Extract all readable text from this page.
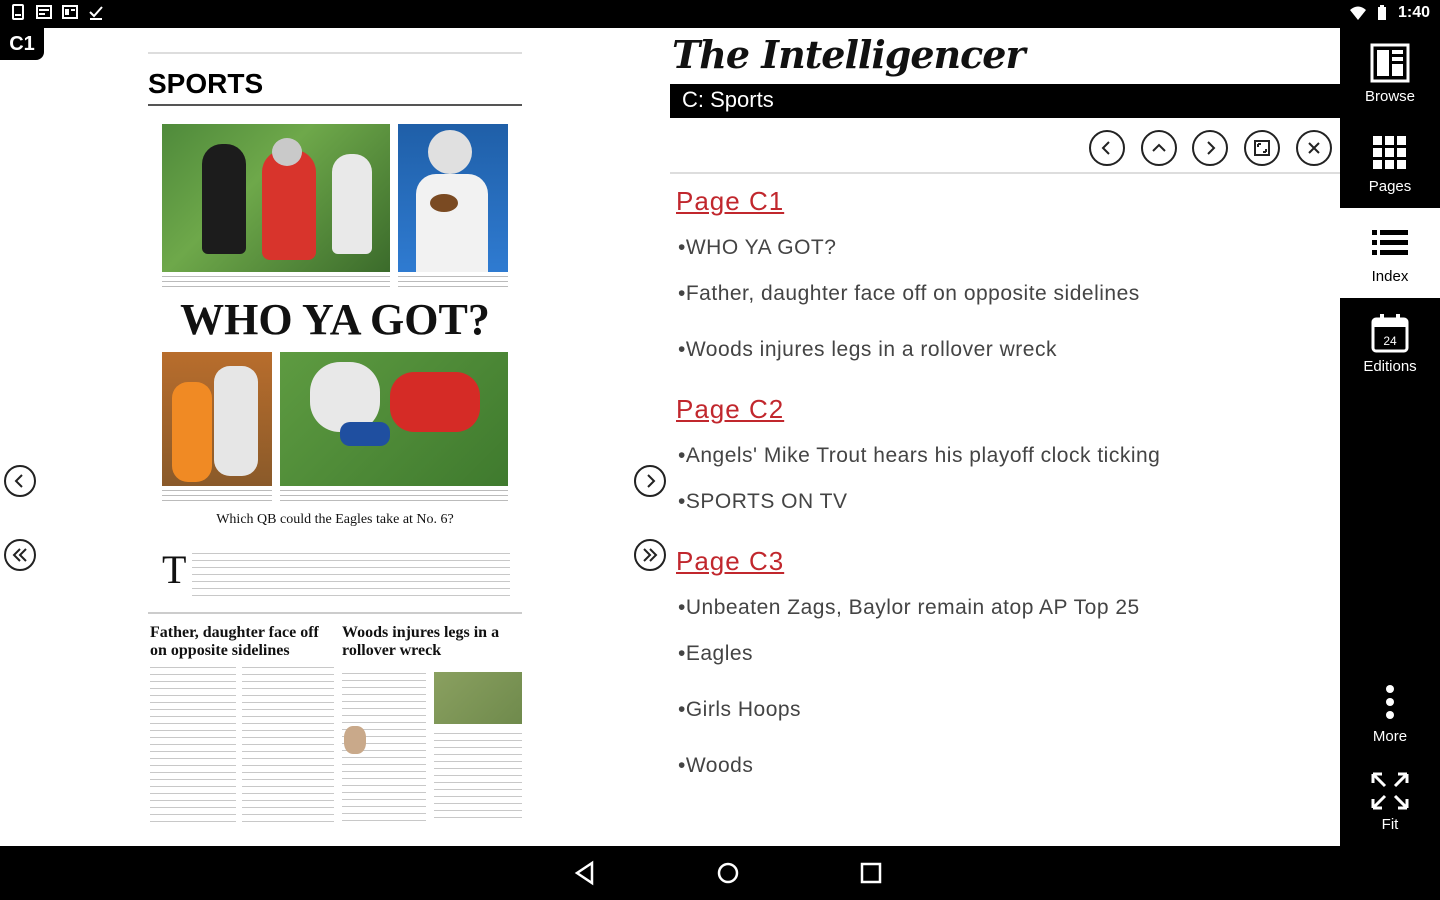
1:40
C1
SPORTS
WHO YA GOT?
Which QB could the Eagles take at No. 6?
T
Father, daughter face off on opposite sidelines
Woods injures legs in a rollover wreck
The Intelligencer
C: Sports
Page C1
•WHO YA GOT?
•Father, daughter face off on opposite sidelines
•Woods injures legs in a rollover wreck
Page C2
•Angels' Mike Trout hears his playoff clock ticking
•SPORTS ON TV
Page C3
•Unbeaten Zags, Baylor remain atop AP Top 25
•Eagles
•Girls Hoops
•Woods
Browse
Pages
Index
24
Editions
More
Fit
